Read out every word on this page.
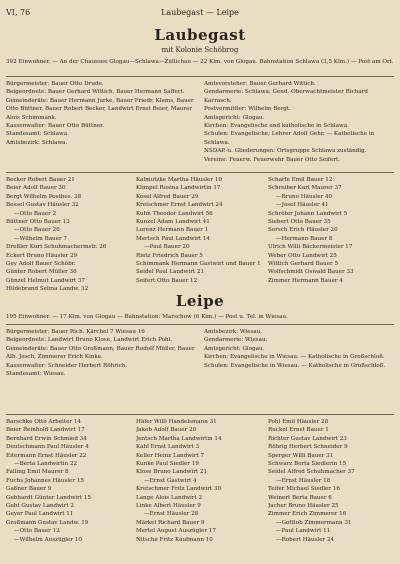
VI, 76	Laubegast — Leipe
Laubegast
mit Kolonie Schöbrog
392 Einwohner. — An der Chaussee Glogau—Schlawa—Züllichau — 22 Klm. von Glogau. Bahnstation Schlawa (3,5 Klm.) — Post am Ort.
Bürgermeister: Bauer Otto Drude.
Beigeordnete: Bauer Gerhard Wittich, Bauer Hermann Saffert.
Gemeinderäte: Bauer Hermann Jurke, Bauer Friedr. Klems, Bauer Otto Büttner, Bauer Robert Becker, Landwirt Ernst Beier, Maurer Alois Schimmank.
Kassenwalter: Bauer Otto Büttner.
Standesamt: Schlawa.
Amtsbezirk: Schlawa.
Amtsvorsteher: Bauer Gerhard Wittich.
Gendarmerie: Schlawa; Gend.-Oberwachtmeister Richard Karrasch.
Postvermittler: Wilhelm Bergt.
Amtsgericht: Glogau.
Kirchen: Evangelische und katholische in Schlawa.
Schulen: Evangelische; Lehrer Adolf Gehr. — Katholische in Schlawa.
NSDAP.-u. Gliederungen: Ortsgruppe Schlawa zuständig.
Vereine: Feuerw. Feuerwehr Bauer Otto Seifert.
Becker Robert Bauer 21
Beier Adolf Bauer 30
Bergt Wilhelm Postbes. 38
Bessel Gustav Häusler 32
—Otto Bauer 2
Büttner Otto Bauer 13
—Otto Bauer 26
—Wilhelm Bauer 7
Dreßler Kurt Schuhmachermstr. 26
Eckert Bruno Häusler 29
Gey Adolf Bauer Schöbr.
Günter Robert Müller 36
Günzel Helmut Landwirt 37
Hildebrand Selma Landw. 32
Kalmutzke Martha Häusler 19
Klimpel Rosina Landwirtin 17
Kosel Alfred Bauer 29
Kreischmer Ernst Landwirt 24
Kuhn Theodor Landwirt 56
Kunzel Adam Landwirt 41
Lorenz Hermann Bauer 1
Mertsch Paul Landwirt 14
—Paul Bauer 20
Rietz Friedrich Bauer 5
Schimmank Hermann Gastwirt und Bauer 1
Seidel Paul Landwirt 21
Seifert Otto Bauer 12
Scharfe Emil Bauer 12
Schreiber Karl Maurer 37
—Bruno Häusler 40
—Josef Häusler 41
Schröter Johann Landwirt 5
Siebert Otto Bauer 35
Sorsch Erich Häusler 20
—Hermann Bauer 8
Ulrich Willi Bäckermeister 17
Weber Otto Landwirt 25
Wittich Gerhard Bauer 5
Wolfschmidt Oswald Bauer 33
Zimmer Hermann Bauer 4
Leipe
195 Einwohner. — 17 Klm. von Glogau — Bahnstation: Marschow (6 Klm.) — Post u. Tel. in Wiesau.
Bürgermeister: Bauer Rich. Kärchel 7 Wiesau 16
Beigeordnete: Landwirt Bruno Klose, Landwirt Erich Pohl.
Gemeinderäte: Bauer Otto Großmann, Bauer Rudolf Müller, Bauer Alb. Jesch, Zimmerer Erich Kinke.
Kassenwalter: Schneider Herbert Röhrich.
Standesamt: Wiesau.
Amtsbezirk: Wiesau.
Gendarmerie: Wiesau.
Amtsgericht: Glogau.
Kirchen: Evangelische in Wiesau. — Katholische in Großschloß.
Schulen: Evangelische in Wiesau. — Katholische in Großschloß.
Barschke Otto Arbeiter 14
Beier Reinhold Landwirt 17
Bernhard Erwin Schmied 34
Deutschmann Paul Häusler 4
Eitermann Ernst Häusler 22
—Berta Landwirtin 22
Falling Emil Maurer 8
Fuchs Johannes Häusler 15
Gaßner Bauer 9
Gebhardt Günter Landwirt 15
Gebt Gustav Landwirt 2
Geyer Paul Landwirt 11
Großmann Gustav Landw. 19
—Otto Bauer 12
—Wilhelm Auszügler 10
Häfer Willi Handelsmann 31
Jakob Adolf Bauer 20
Jentsch Martha Landwirtin 14
Kahl Ernst Landwirt 3
Keller Heinz Landwirt 7
Kunke Paul Siedler 19
Klose Bruno Landwirt 21
—Ernst Gastwirt 4
Kretschmer Fritz Landwirt 30
Lange Alois Landwirt 2
Linke Albert Häusler 9
—Ernst Häusler 28
Märkel Richard Bauer 9
Mertel August Auszügler 17
Nitsche Fritz Kaufmann 10
Pohl Emil Häusler 28
Ruckel Ernst Bauer 1
Richter Gustav Landwirt 23
Röhrig Herbert Schneider 9
Sperger Willi Bauer 31
Schwarz Berta Siedlerin 15
Seidel Alfred Schuhmacher 37
—Ernst Häusler 18
Teifer Michael Siedler 16
Weinert Berta Bauer 6
Jacher Bruno Häusler 25
Zimmer Erich Zimmerer 16
—Gottlob Zimmermann 31
—Paul Landwirt 11
—Robert Häusler 24
